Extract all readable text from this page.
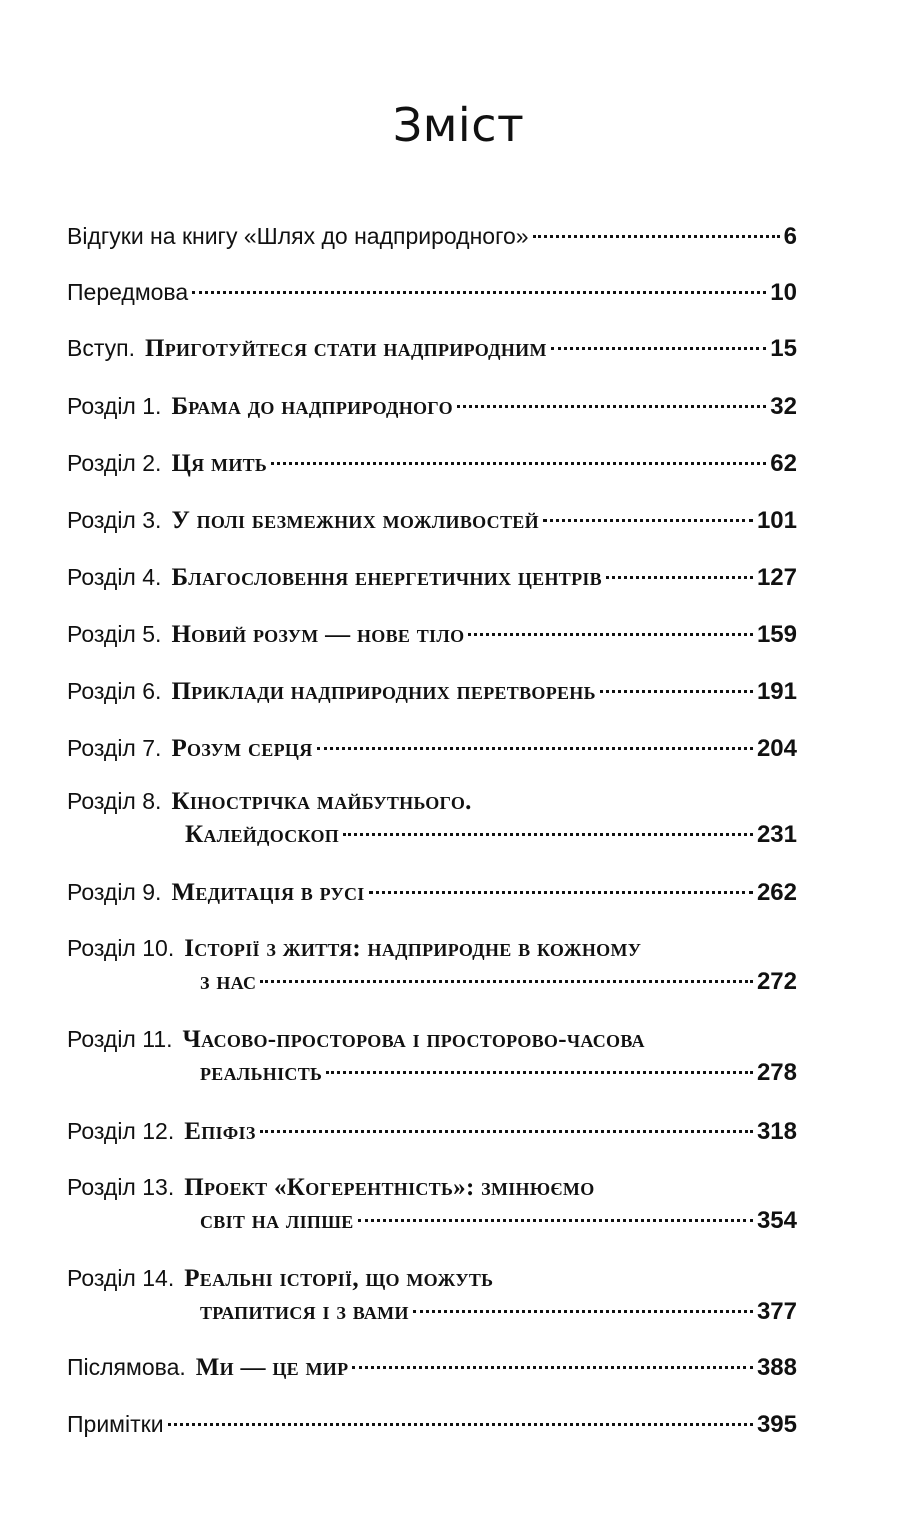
Зміст
Відгуки на книгу «Шлях до надприродного»	6
Передмова	10
Вступ. Приготуйтеся стати надприродним	15
Розділ 1. Брама до надприродного	32
Розділ 2. Ця мить	62
Розділ 3. У полі безмежних можливостей	101
Розділ 4. Благословення енергетичних центрів	127
Розділ 5. Новий розум — нове тіло	159
Розділ 6. Приклади надприродних перетворень	191
Розділ 7. Розум серця	204
Розділ 8. Кінострічка майбутнього.
Калейдоскоп	231
Розділ 9. Медитація в русі	262
Розділ 10. Історії з життя: надприродне в кожному
з нас	272
Розділ 11. Часово-просторова і просторово-часова
реальність	278
Розділ 12. Епіфіз	318
Розділ 13. Проект «Когерентність»: змінюємо
світ на ліпше	354
Розділ 14. Реальні історії, що можуть
трапитися і з вами	377
Післямова. Ми — це мир	388
Примітки	395
